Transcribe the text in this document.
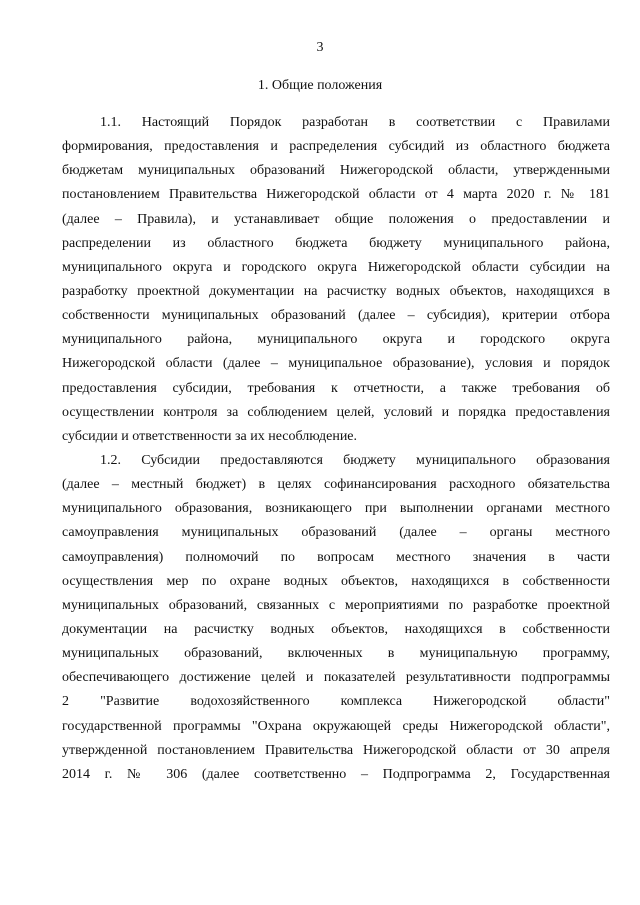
3
1. Общие положения
1.1. Настоящий Порядок разработан в соответствии с Правилами
формирования, предоставления и распределения субсидий из областного бюджета
бюджетам муниципальных образований Нижегородской области, утвержденными
постановлением Правительства Нижегородской области от 4 марта 2020 г. № 181
(далее – Правила), и устанавливает общие положения о предоставлении и
распределении из областного бюджета бюджету муниципального района,
муниципального округа и городского округа Нижегородской области субсидии на
разработку проектной документации на расчистку водных объектов, находящихся в
собственности муниципальных образований (далее – субсидия), критерии отбора
муниципального района, муниципального округа и городского округа
Нижегородской области (далее – муниципальное образование), условия и порядок
предоставления субсидии, требования к отчетности, а также требования об
осуществлении контроля за соблюдением целей, условий и порядка предоставления
субсидии и ответственности за их несоблюдение.
1.2. Субсидии предоставляются бюджету муниципального образования
(далее – местный бюджет) в целях софинансирования расходного обязательства
муниципального образования, возникающего при выполнении органами местного
самоуправления муниципальных образований (далее – органы местного
самоуправления) полномочий по вопросам местного значения в части
осуществления мер по охране водных объектов, находящихся в собственности
муниципальных образований, связанных с мероприятиями по разработке проектной
документации на расчистку водных объектов, находящихся в собственности
муниципальных образований, включенных в муниципальную программу,
обеспечивающего достижение целей и показателей результативности подпрограммы
2 "Развитие водохозяйственного комплекса Нижегородской области"
государственной программы "Охрана окружающей среды Нижегородской области",
утвержденной постановлением Правительства Нижегородской области от 30 апреля
2014 г. № 306 (далее соответственно – Подпрограмма 2, Государственная
